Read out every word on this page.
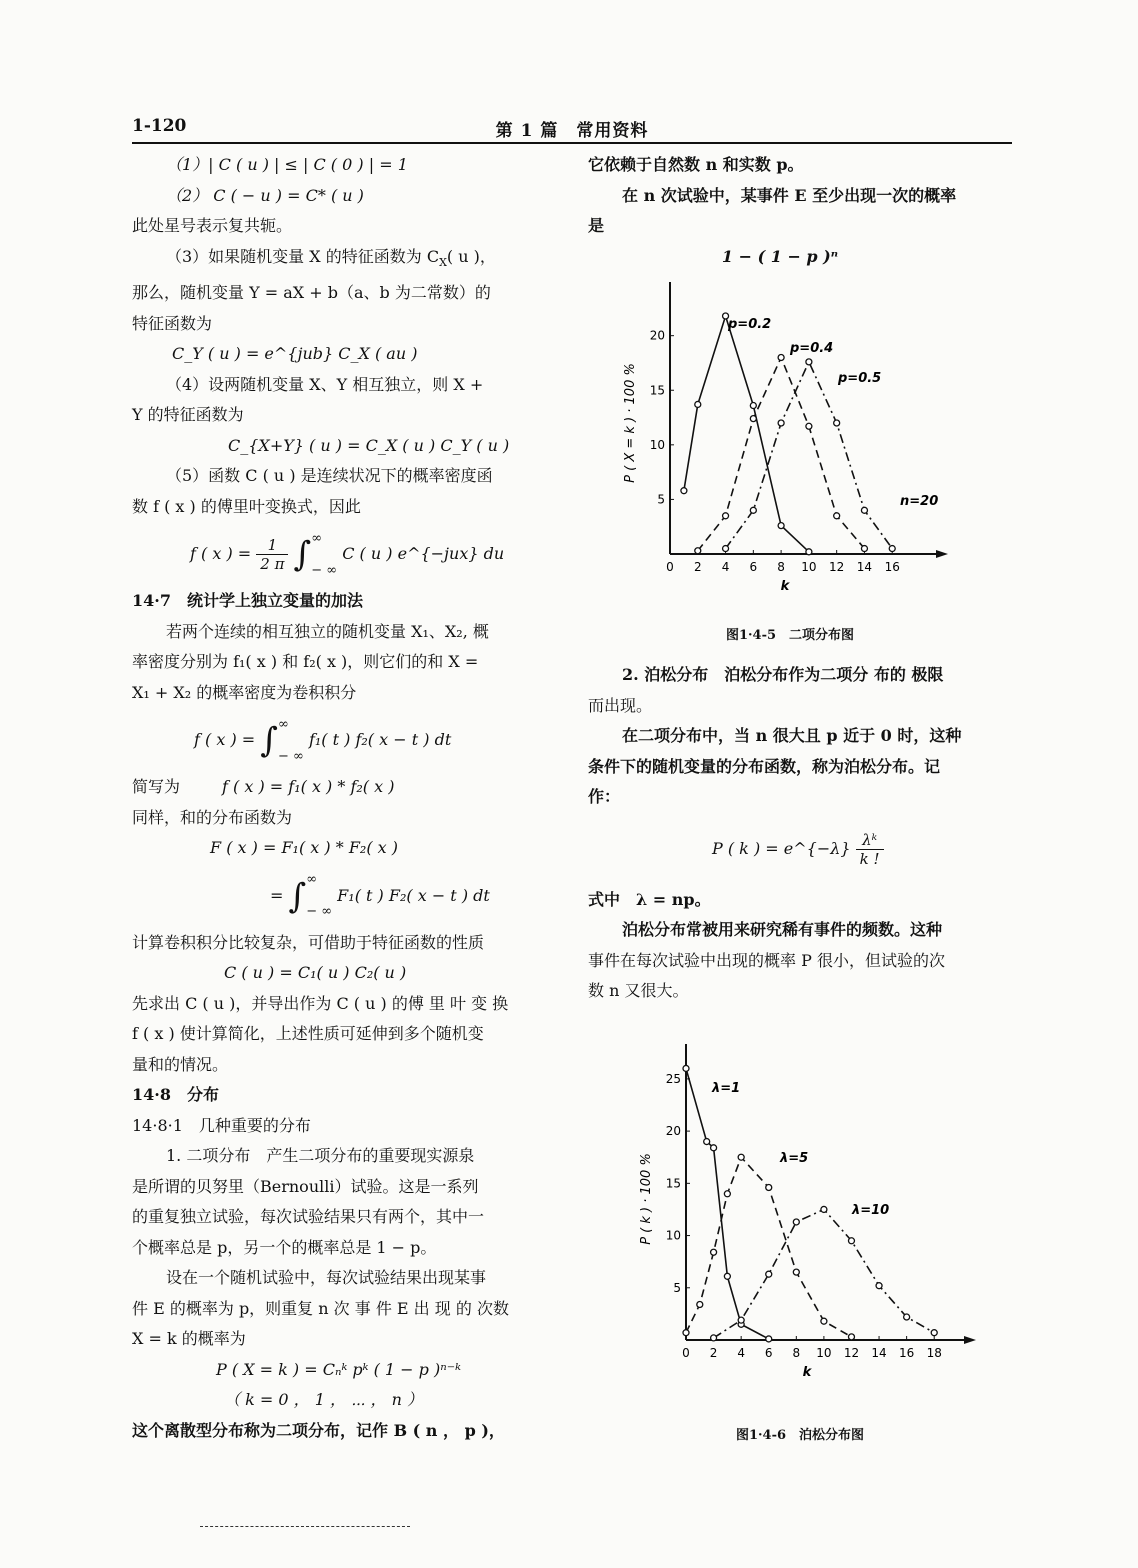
1-120	第 1 篇　常用资料
（1）| C ( u ) | ≤ | C ( 0 ) | = 1
（2） C ( − u ) = C* ( u )
此处星号表示复共轭。
（3）如果随机变量 X 的特征函数为 $C_X$( u )，
那么，随机变量 Y = aX + b（a、b 为二常数）的
特征函数为
C_Y ( u ) = e^{jub} C_X ( au )
（4）设两随机变量 X、Y 相互独立，则 X +
Y 的特征函数为
C_{X+Y} ( u ) = C_X ( u ) C_Y ( u )
（5）函数 C ( u ) 是连续状况下的概率密度函
数 f ( x ) 的傅里叶变换式，因此
f ( x ) = $\frac{1}{2 \pi}$ ∫∞

− ∞ C ( u ) e^{−jux} du
14·7　统计学上独立变量的加法
若两个连续的相互独立的随机变量 X₁、X₂, 概
率密度分别为 f₁( x ) 和 f₂( x )，则它们的和 X =
X₁ + X₂ 的概率密度为卷积积分
f ( x ) = ∫∞

− ∞ f₁( t ) f₂( x − t ) dt
简写为	f ( x ) = f₁( x ) * f₂( x )
同样，和的分布函数为
F ( x ) = F₁( x ) * F₂( x )
= ∫∞

− ∞ F₁( t ) F₂( x − t ) dt
计算卷积积分比较复杂，可借助于特征函数的性质
C ( u ) = C₁( u ) C₂( u )
先求出 C ( u )，并导出作为 C ( u ) 的傅 里 叶 变 换
f ( x ) 使计算简化，上述性质可延伸到多个随机变
量和的情况。
14·8　分布
14·8·1　几种重要的分布
1. 二项分布　产生二项分布的重要现实源泉
是所谓的贝努里（Bernoulli）试验。这是一系列
的重复独立试验，每次试验结果只有两个，其中一
个概率总是 p，另一个的概率总是 1 − p。
设在一个随机试验中，每次试验结果出现某事
件 E 的概率为 p，则重复 n 次 事 件 E 出 现 的 次数
X = k 的概率为
P ( X = k ) = Cₙᵏ pᵏ ( 1 − p )ⁿ⁻ᵏ
（ k = 0 ， 1 ， ⋯ ， n ）
这个离散型分布称为二项分布，记作 B ( n ， p )，
它依赖于自然数 n 和实数 p。
在 n 次试验中，某事件 E 至少出现一次的概率
是
1 − ( 1 − p )ⁿ
0 2 4 6 8 10 12 14 16
5
10
15
20
k
P ( X = k ) · 100 %
p=0.2
p=0.4
p=0.5
n=20
图1·4-5　二项分布图
2. 泊松分布　泊松分布作为二项分 布的 极限
而出现。
在二项分布中，当 n 很大且 p 近于 0 时，这种
条件下的随机变量的分布函数，称为泊松分布。记
作：
P ( k ) = e^{−λ} $\frac{\text{λᵏ}}{k !}$
式中　λ = np。
泊松分布常被用来研究稀有事件的频数。这种
事件在每次试验中出现的概率 P 很小，但试验的次
数 n 又很大。
0 2 4 6 8 10 12 14 16 18
5
10
15
20
25
k
P ( k ) · 100 %
λ=1
λ=5
λ=10
图1·4-6　泊松分布图
